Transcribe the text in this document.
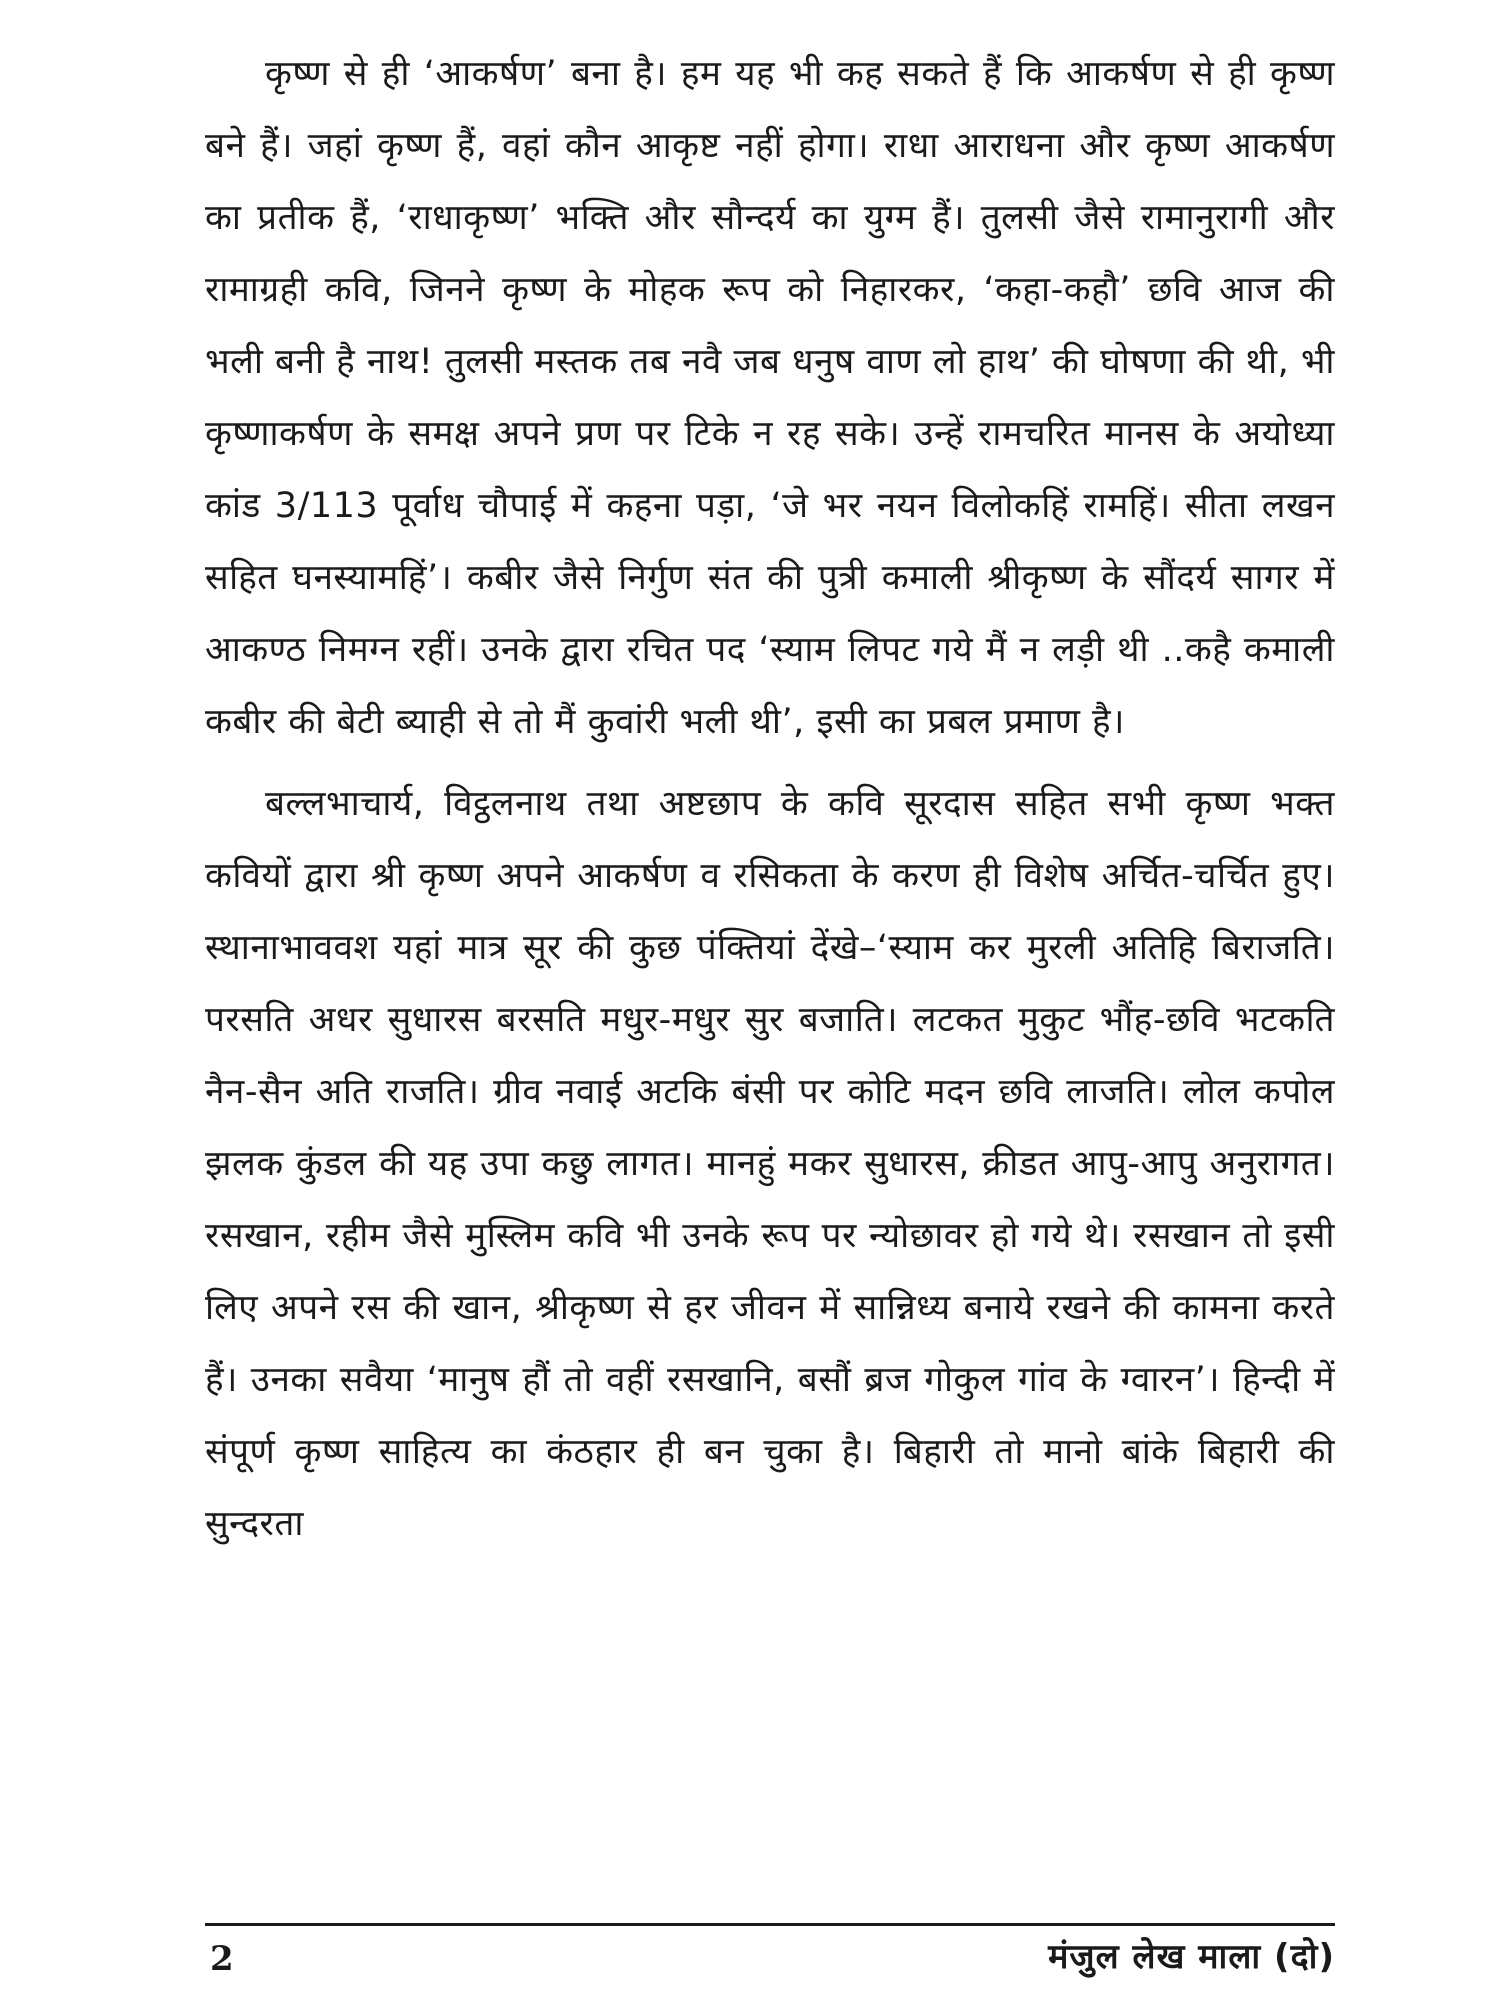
कृष्ण से ही ‘आकर्षण’ बना है। हम यह भी कह सकते हैं कि आकर्षण से ही कृष्ण बने हैं। जहां कृष्ण हैं, वहां कौन आकृष्ट नहीं होगा। राधा आराधना और कृष्ण आकर्षण का प्रतीक हैं, ‘राधाकृष्ण’ भक्ति और सौन्दर्य का युग्म हैं। तुलसी जैसे रामानुरागी और रामाग्रही कवि, जिनने कृष्ण के मोहक रूप को निहारकर, ‘कहा-कहौ’ छवि आज की भली बनी है नाथ! तुलसी मस्तक तब नवै जब धनुष वाण लो हाथ’ की घोषणा की थी, भी कृष्णाकर्षण के समक्ष अपने प्रण पर टिके न रह सके। उन्हें रामचरित मानस के अयोध्या कांड 3/113 पूर्वाध चौपाई में कहना पड़ा, ‘जे भर नयन विलोकहिं रामहिं। सीता लखन सहित घनस्यामहिं’। कबीर जैसे निर्गुण संत की पुत्री कमाली श्रीकृष्ण के सौंदर्य सागर में आकण्ठ निमग्न रहीं। उनके द्वारा रचित पद ‘स्याम लिपट गये मैं न लड़ी थी ..कहै कमाली कबीर की बेटी ब्याही से तो मैं कुवांरी भली थी’, इसी का प्रबल प्रमाण है।

बल्लभाचार्य, विट्ठलनाथ तथा अष्टछाप के कवि सूरदास सहित सभी कृष्ण भक्त कवियों द्वारा श्री कृष्ण अपने आकर्षण व रसिकता के करण ही विशेष अर्चित-चर्चित हुए। स्थानाभाववश यहां मात्र सूर की कुछ पंक्तियां देंखे–‘स्याम कर मुरली अतिहि बिराजति। परसति अधर सुधारस बरसति मधुर-मधुर सुर बजाति। लटकत मुकुट भौंह-छवि भटकति नैन-सैन अति राजति। ग्रीव नवाई अटकि बंसी पर कोटि मदन छवि लाजति। लोल कपोल झलक कुंडल की यह उपा कछु लागत। मानहुं मकर सुधारस, क्रीडत आपु-आपु अनुरागत। रसखान, रहीम जैसे मुस्लिम कवि भी उनके रूप पर न्योछावर हो गये थे। रसखान तो इसी लिए अपने रस की खान, श्रीकृष्ण से हर जीवन में सान्निध्य बनाये रखने की कामना करते हैं। उनका सवैया ‘मानुष हौं तो वहीं रसखानि, बसौं ब्रज गोकुल गांव के ग्वारन’। हिन्दी में संपूर्ण कृष्ण साहित्य का कंठहार ही बन चुका है। बिहारी तो मानो बांके बिहारी की सुन्दरता

2	मंजुल लेख माला (दो)
